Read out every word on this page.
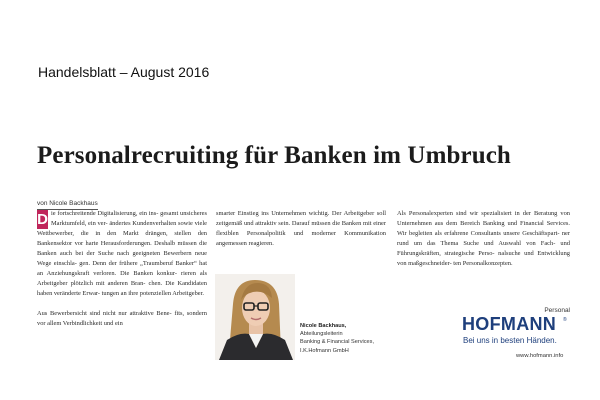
Handelsblatt – August 2016
Personalrecruiting für Banken im Umbruch
von Nicole Backhaus
D ie fortschreitende Digitalisierung, ein ins- gesamt unsicheres Marktumfeld, ein ver- ändertes Kundenverhalten sowie viele Wettbewerber, die in den Markt drängen, stellen den Bankensektor vor harte Herausforderungen. Deshalb müssen die Banken auch bei der Suche nach geeigneten Bewerbern neue Wege einschla- gen. Denn der frühere „Traumberuf Banker“ hat an Anziehungskraft verloren. Die Banken konkur- rieren als Arbeitgeber plötzlich mit anderen Bran- chen. Die Kandidaten haben veränderte Erwar- tungen an ihre potenziellen Arbeitgeber.

Aus Bewerbersicht sind nicht nur attraktive Bene- fits, sondern vor allem Verbindlichkeit und ein

smarter Einstieg ins Unternehmen wichtig. Der Arbeitgeber soll zeitgemäß und attraktiv sein. Darauf müssen die Banken mit einer flexiblen Personalpolitik und moderner Kommunikation angemessen reagieren.

Als Personalexperten sind wir spezialisiert in der Beratung von Unternehmen aus dem Bereich Banking und Financial Services. Wir begleiten als erfahrene Consultants unsere Geschäftspart- ner rund um das Thema Suche und Auswahl von Fach- und Führungskräften, strategische Perso- nalsuche und Entwicklung von maßgeschneider- ten Personalkonzepten.

Nicole Backhaus,
Abteilungsleiterin
Banking & Financial Services,
I.K.Hofmann GmbH
Personal
HOFMANN ®
Bei uns in besten Händen.
www.hofmann.info
